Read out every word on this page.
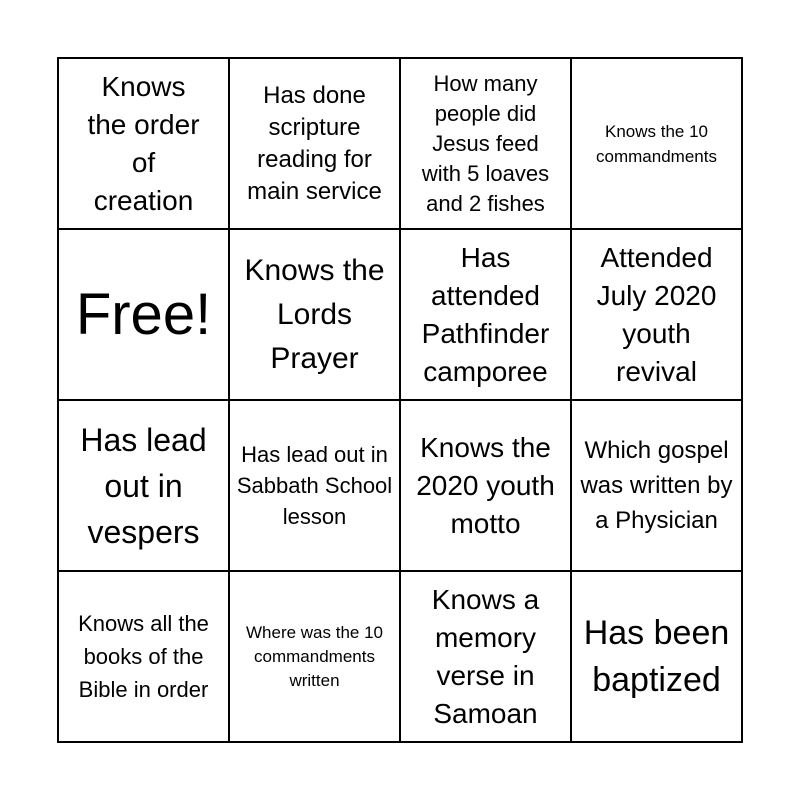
Knows the order of creation
Has done scripture reading for main service
How many people did Jesus feed with 5 loaves and 2 fishes
Knows the 10 commandments
Free!
Knows the Lords Prayer
Has attended Pathfinder camporee
Attended July 2020 youth revival
Has lead out in vespers
Has lead out in Sabbath School lesson
Knows the 2020 youth motto
Which gospel was written by a Physician
Knows all the books of the Bible in order
Where was the 10 commandments written
Knows a memory verse in Samoan
Has been baptized
